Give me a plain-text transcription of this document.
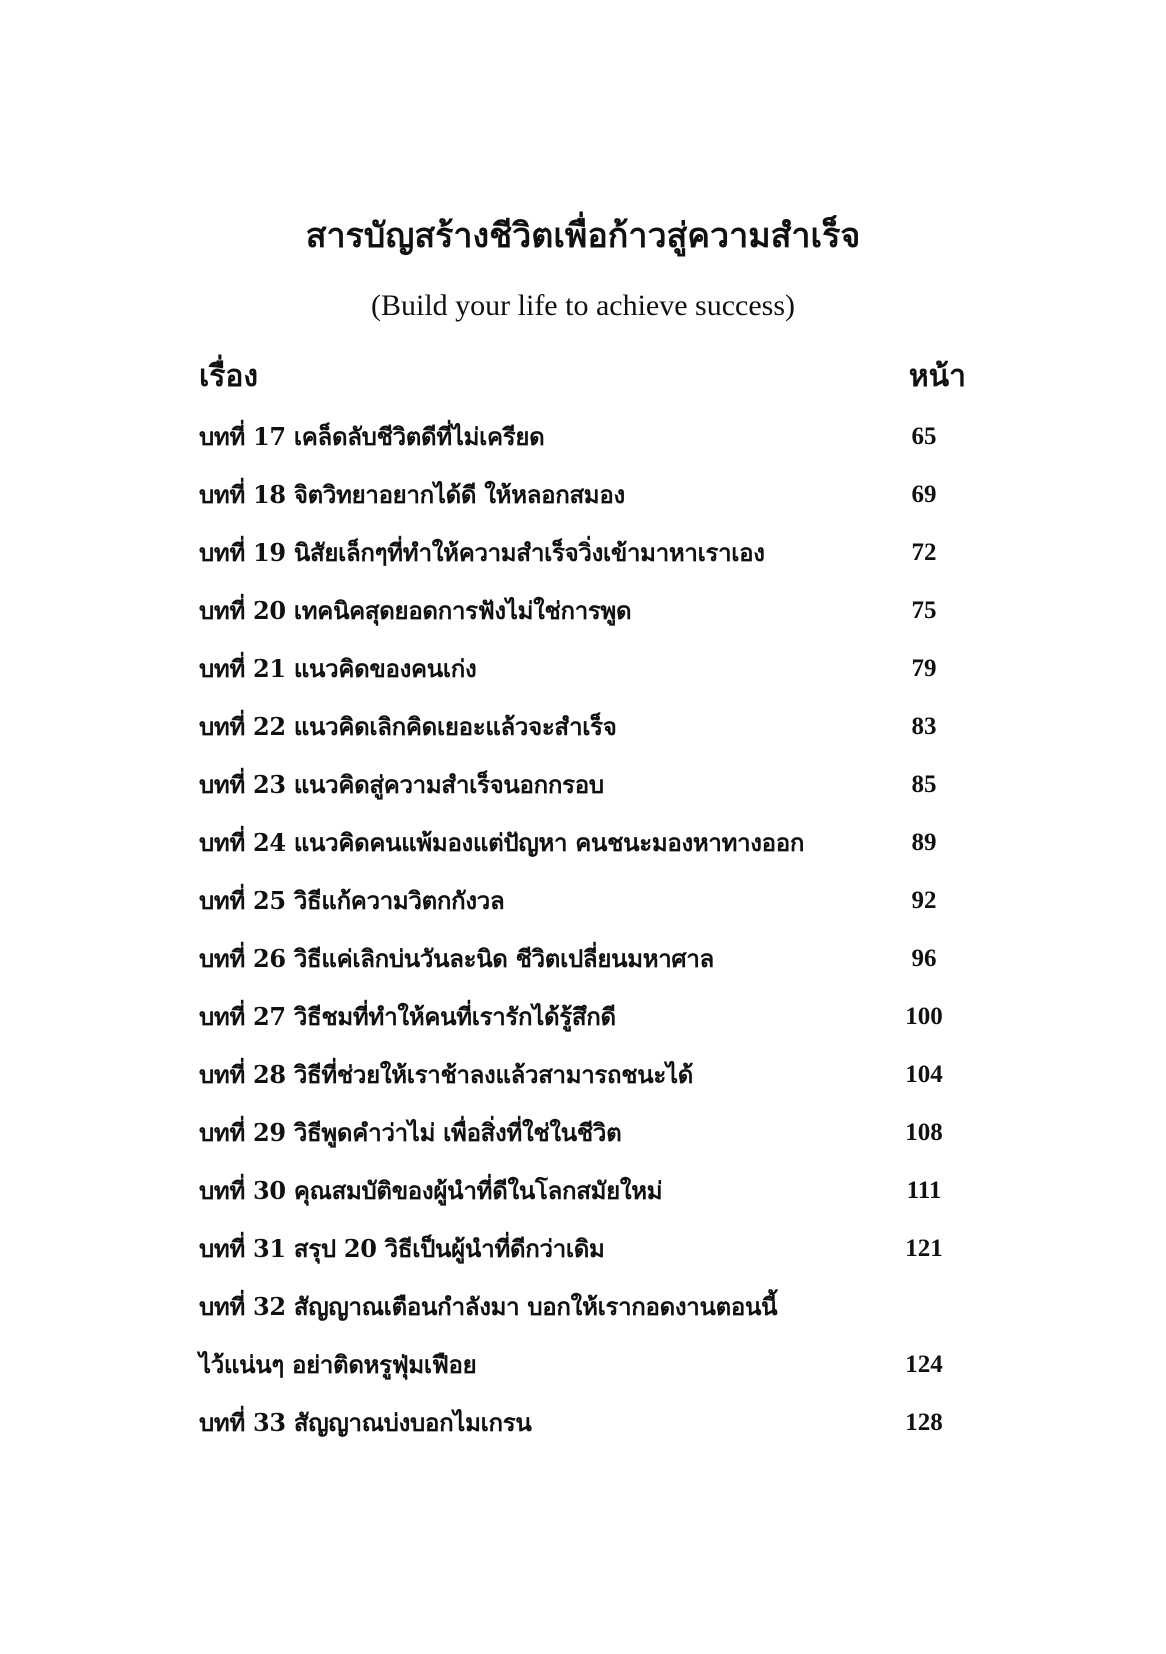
สารบัญสร้างชีวิตเพื่อก้าวสู่ความสำเร็จ
(Build your life to achieve success)
เรื่อง	หน้า
บทที่ 17 เคล็ดลับชีวิตดีที่ไม่เครียด	65
บทที่ 18 จิตวิทยาอยากได้ดี ให้หลอกสมอง	69
บทที่ 19 นิสัยเล็กๆที่ทำให้ความสำเร็จวิ่งเข้ามาหาเราเอง	72
บทที่ 20 เทคนิคสุดยอดการฟังไม่ใช่การพูด	75
บทที่ 21 แนวคิดของคนเก่ง	79
บทที่ 22 แนวคิดเลิกคิดเยอะแล้วจะสำเร็จ	83
บทที่ 23 แนวคิดสู่ความสำเร็จนอกกรอบ	85
บทที่ 24 แนวคิดคนแพ้มองแต่ปัญหา คนชนะมองหาทางออก	89
บทที่ 25 วิธีแก้ความวิตกกังวล	92
บทที่ 26 วิธีแค่เลิกบ่นวันละนิด ชีวิตเปลี่ยนมหาศาล	96
บทที่ 27 วิธีชมที่ทำให้คนที่เรารักได้รู้สึกดี	100
บทที่ 28 วิธีที่ช่วยให้เราช้าลงแล้วสามารถชนะได้	104
บทที่ 29 วิธีพูดคำว่าไม่ เพื่อสิ่งที่ใช่ในชีวิต	108
บทที่ 30 คุณสมบัติของผู้นำที่ดีในโลกสมัยใหม่	111
บทที่ 31 สรุป 20 วิธีเป็นผู้นำที่ดีกว่าเดิม	121
บทที่ 32 สัญญาณเตือนกำลังมา บอกให้เรากอดงานตอนนี้
ไว้แน่นๆ อย่าติดหรูฟุ่มเฟือย	124
บทที่ 33 สัญญาณบ่งบอกไมเกรน	128
